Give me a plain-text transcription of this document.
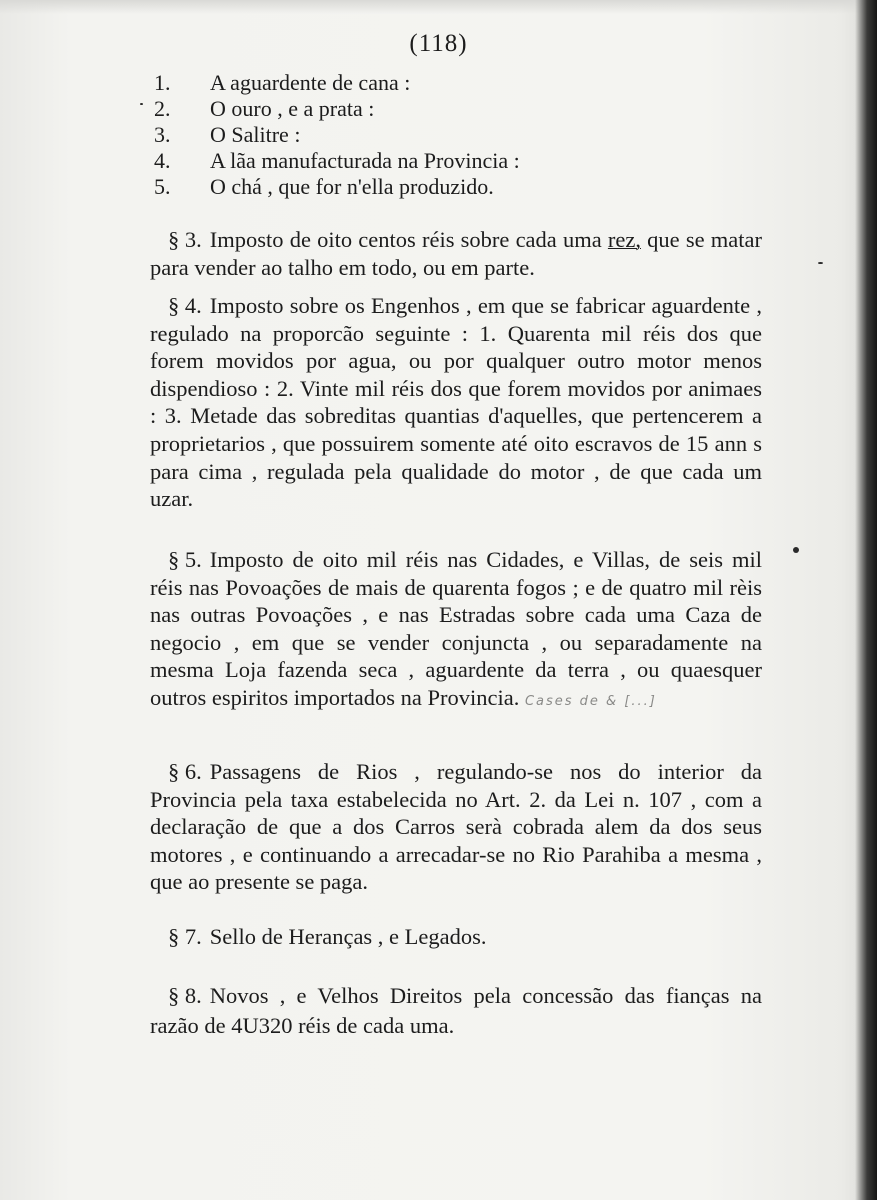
(118)
1. A aguardente de cana :
2. O ouro , e a prata :
3. O Salitre :
4. A lãa manufacturada na Provincia :
5. O chá , que for n'ella produzido.

§ 3. Imposto de oito centos réis sobre cada uma rez, que se matar para vender ao talho em todo, ou em parte.

§ 4. Imposto sobre os Engenhos , em que se fabricar aguardente , regulado na proporcão seguinte : 1. Quarenta mil réis dos que forem movidos por agua, ou por qualquer outro motor menos dispendioso : 2. Vinte mil réis dos que forem movidos por animaes : 3. Metade das sobreditas quantias d'aquelles, que pertencerem a proprietarios , que possuirem somente até oito escravos de 15 ann s para cima , regulada pela qualidade do motor , de que cada um uzar.

§ 5. Imposto de oito mil réis nas Cidades, e Villas, de seis mil réis nas Povoações de mais de quarenta fogos ; e de quatro mil rèis nas outras Povoações , e nas Estradas sobre cada uma Caza de negocio , em que se vender conjuncta , ou separadamente na mesma Loja fazenda seca , aguardente da terra , ou quaesquer outros espiritos importados na Provincia. Cases de & [...]

§ 6. Passagens de Rios , regulando-se nos do interior da Provincia pela taxa estabelecida no Art. 2. da Lei n. 107 , com a declaração de que a dos Carros serà cobrada alem da dos seus motores , e continuando a arrecadar-se no Rio Parahiba a mesma , que ao presente se paga.

§ 7. Sello de Heranças , e Legados.

§ 8. Novos , e Velhos Direitos pela concessão das fianças na razão de 4U320 réis de cada uma.
